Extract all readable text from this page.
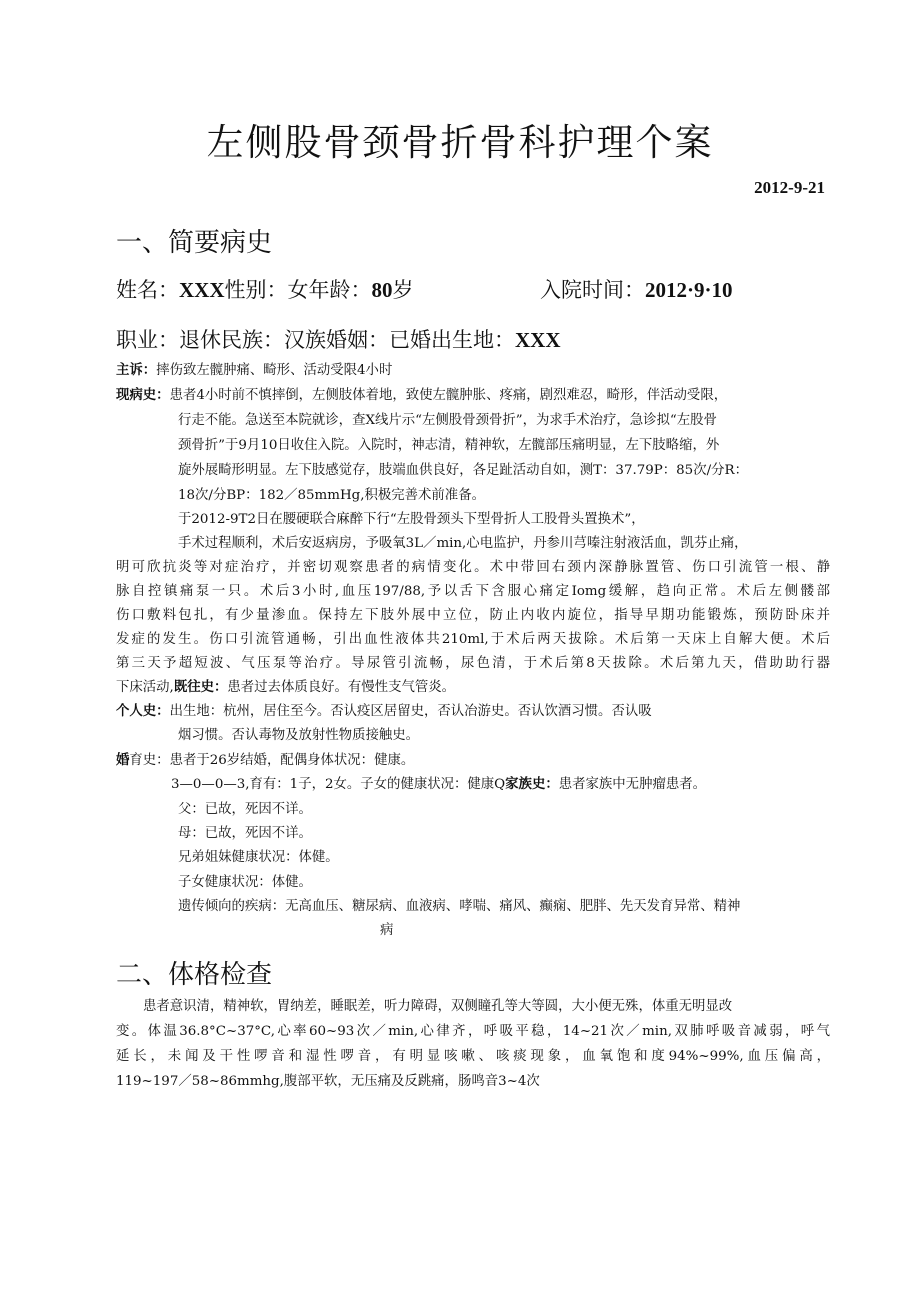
左侧股骨颈骨折骨科护理个案
2012-9-21
一、简要病史
姓名：XXX性别：女年龄：80岁	入院时间：2012·9·10
职业：退休民族：汉族婚姻：已婚出生地：XXX
主诉：摔伤致左髋肿痛、畸形、活动受限4小时
现病史：患者4小时前不慎摔倒，左侧肢体着地，致使左髋肿胀、疼痛，剧烈难忍，畸形，伴活动受限，
行走不能。急送至本院就诊，查X线片示“左侧股骨颈骨折”，为求手术治疗，急诊拟“左股骨
颈骨折”于9月10日收住入院。入院时，神志清，精神软，左髋部压痛明显，左下肢略缩，外
旋外展畸形明显。左下肢感觉存，肢端血供良好，各足趾活动自如，测T：37.79P：85次/分R：
18次/分BP：182／85mmHg,积极完善术前准备。
于2012-9T2日在腰硬联合麻醉下行“左股骨颈头下型骨折人工股骨头置换术”，
手术过程顺利，术后安返病房，予吸氧3L／min,心电监护，丹参川芎嗪注射液活血，凯芬止痛，
明可欣抗炎等对症治疗，并密切观察患者的病情变化。术中带回右颈内深静脉置管、伤口引流管一根、静
脉自控镇痛泵一只。术后3小时,血压197/88,予以舌下含服心痛定Iomg缓解，趋向正常。术后左侧髅部
伤口敷料包扎，有少量渗血。保持左下肢外展中立位，防止内收内旋位，指导早期功能锻炼，预防卧床并
发症的发生。伤口引流管通畅，引出血性液体共210ml,于术后两天拔除。术后第一天床上自解大便。术后
第三天予超短波、气压泵等治疗。导尿管引流畅，尿色清，于术后第8天拔除。术后第九天，借助助行器
下床活动,既往史：患者过去体质良好。有慢性支气管炎。
个人史：出生地：杭州，居住至今。否认疫区居留史，否认冶游史。否认饮酒习惯。否认吸
烟习惯。否认毒物及放射性物质接触史。
婚育史：患者于26岁结婚，配偶身体状况：健康。
3—0—0—3,育有：1子，2女。子女的健康状况：健康Q家族史：患者家族中无肿瘤患者。
父：已故，死因不详。
母：已故，死因不详。
兄弟姐妹健康状况：体健。
子女健康状况：体健。
遗传倾向的疾病：无高血压、糖尿病、血液病、哮喘、痛风、癫痫、肥胖、先天发育异常、精神
病
二、体格检查
患者意识清，精神软，胃纳差，睡眠差，听力障碍，双侧瞳孔等大等圆，大小便无殊，体重无明显改
变。体温36.8°C~37°C,心率60~93次／min,心律齐，呼吸平稳，14~21次／min,双肺呼吸音减弱，呼气
延长，未闻及干性啰音和湿性啰音，有明显咳嗽、咳痰现象，血氧饱和度94%~99%,血压偏高，
119~197／58~86mmhg,腹部平软，无压痛及反跳痛，肠鸣音3~4次
